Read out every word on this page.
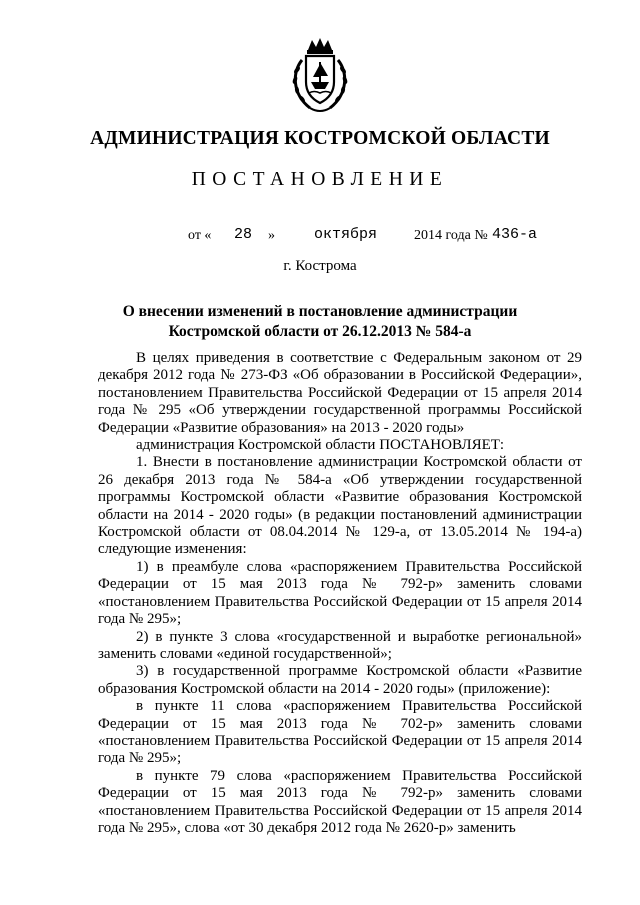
АДМИНИСТРАЦИЯ КОСТРОМСКОЙ ОБЛАСТИ
ПОСТАНОВЛЕНИЕ
от « 28 »	октября	2014 года № 436-а
г. Кострома
О внесении изменений в постановление администрации
Костромской области от 26.12.2013 № 584-а

В целях приведения в соответствие с Федеральным законом от 29 декабря 2012 года № 273-ФЗ «Об образовании в Российской Федерации», постановлением Правительства Российской Федерации от 15 апреля 2014 года № 295 «Об утверждении государственной программы Российской Федерации «Развитие образования» на 2013 - 2020 годы»

администрация Костромской области ПОСТАНОВЛЯЕТ:

1. Внести в постановление администрации Костромской области от 26 декабря 2013 года № 584-а «Об утверждении государственной программы Костромской области «Развитие образования Костромской области на 2014 - 2020 годы» (в редакции постановлений администрации Костромской области от 08.04.2014 № 129-а, от 13.05.2014 № 194-а) следующие изменения:

1) в преамбуле слова «распоряжением Правительства Российской Федерации от 15 мая 2013 года № 792-р» заменить словами «постановлением Правительства Российской Федерации от 15 апреля 2014 года № 295»;

2) в пункте 3 слова «государственной и выработке региональной» заменить словами «единой государственной»;

3) в государственной программе Костромской области «Развитие образования Костромской области на 2014 - 2020 годы» (приложение):

в пункте 11 слова «распоряжением Правительства Российской Федерации от 15 мая 2013 года № 702-р» заменить словами «постановлением Правительства Российской Федерации от 15 апреля 2014 года № 295»;

в пункте 79 слова «распоряжением Правительства Российской Федерации от 15 мая 2013 года № 792-р» заменить словами «постановлением Правительства Российской Федерации от 15 апреля 2014 года № 295», слова «от 30 декабря 2012 года № 2620-р» заменить
